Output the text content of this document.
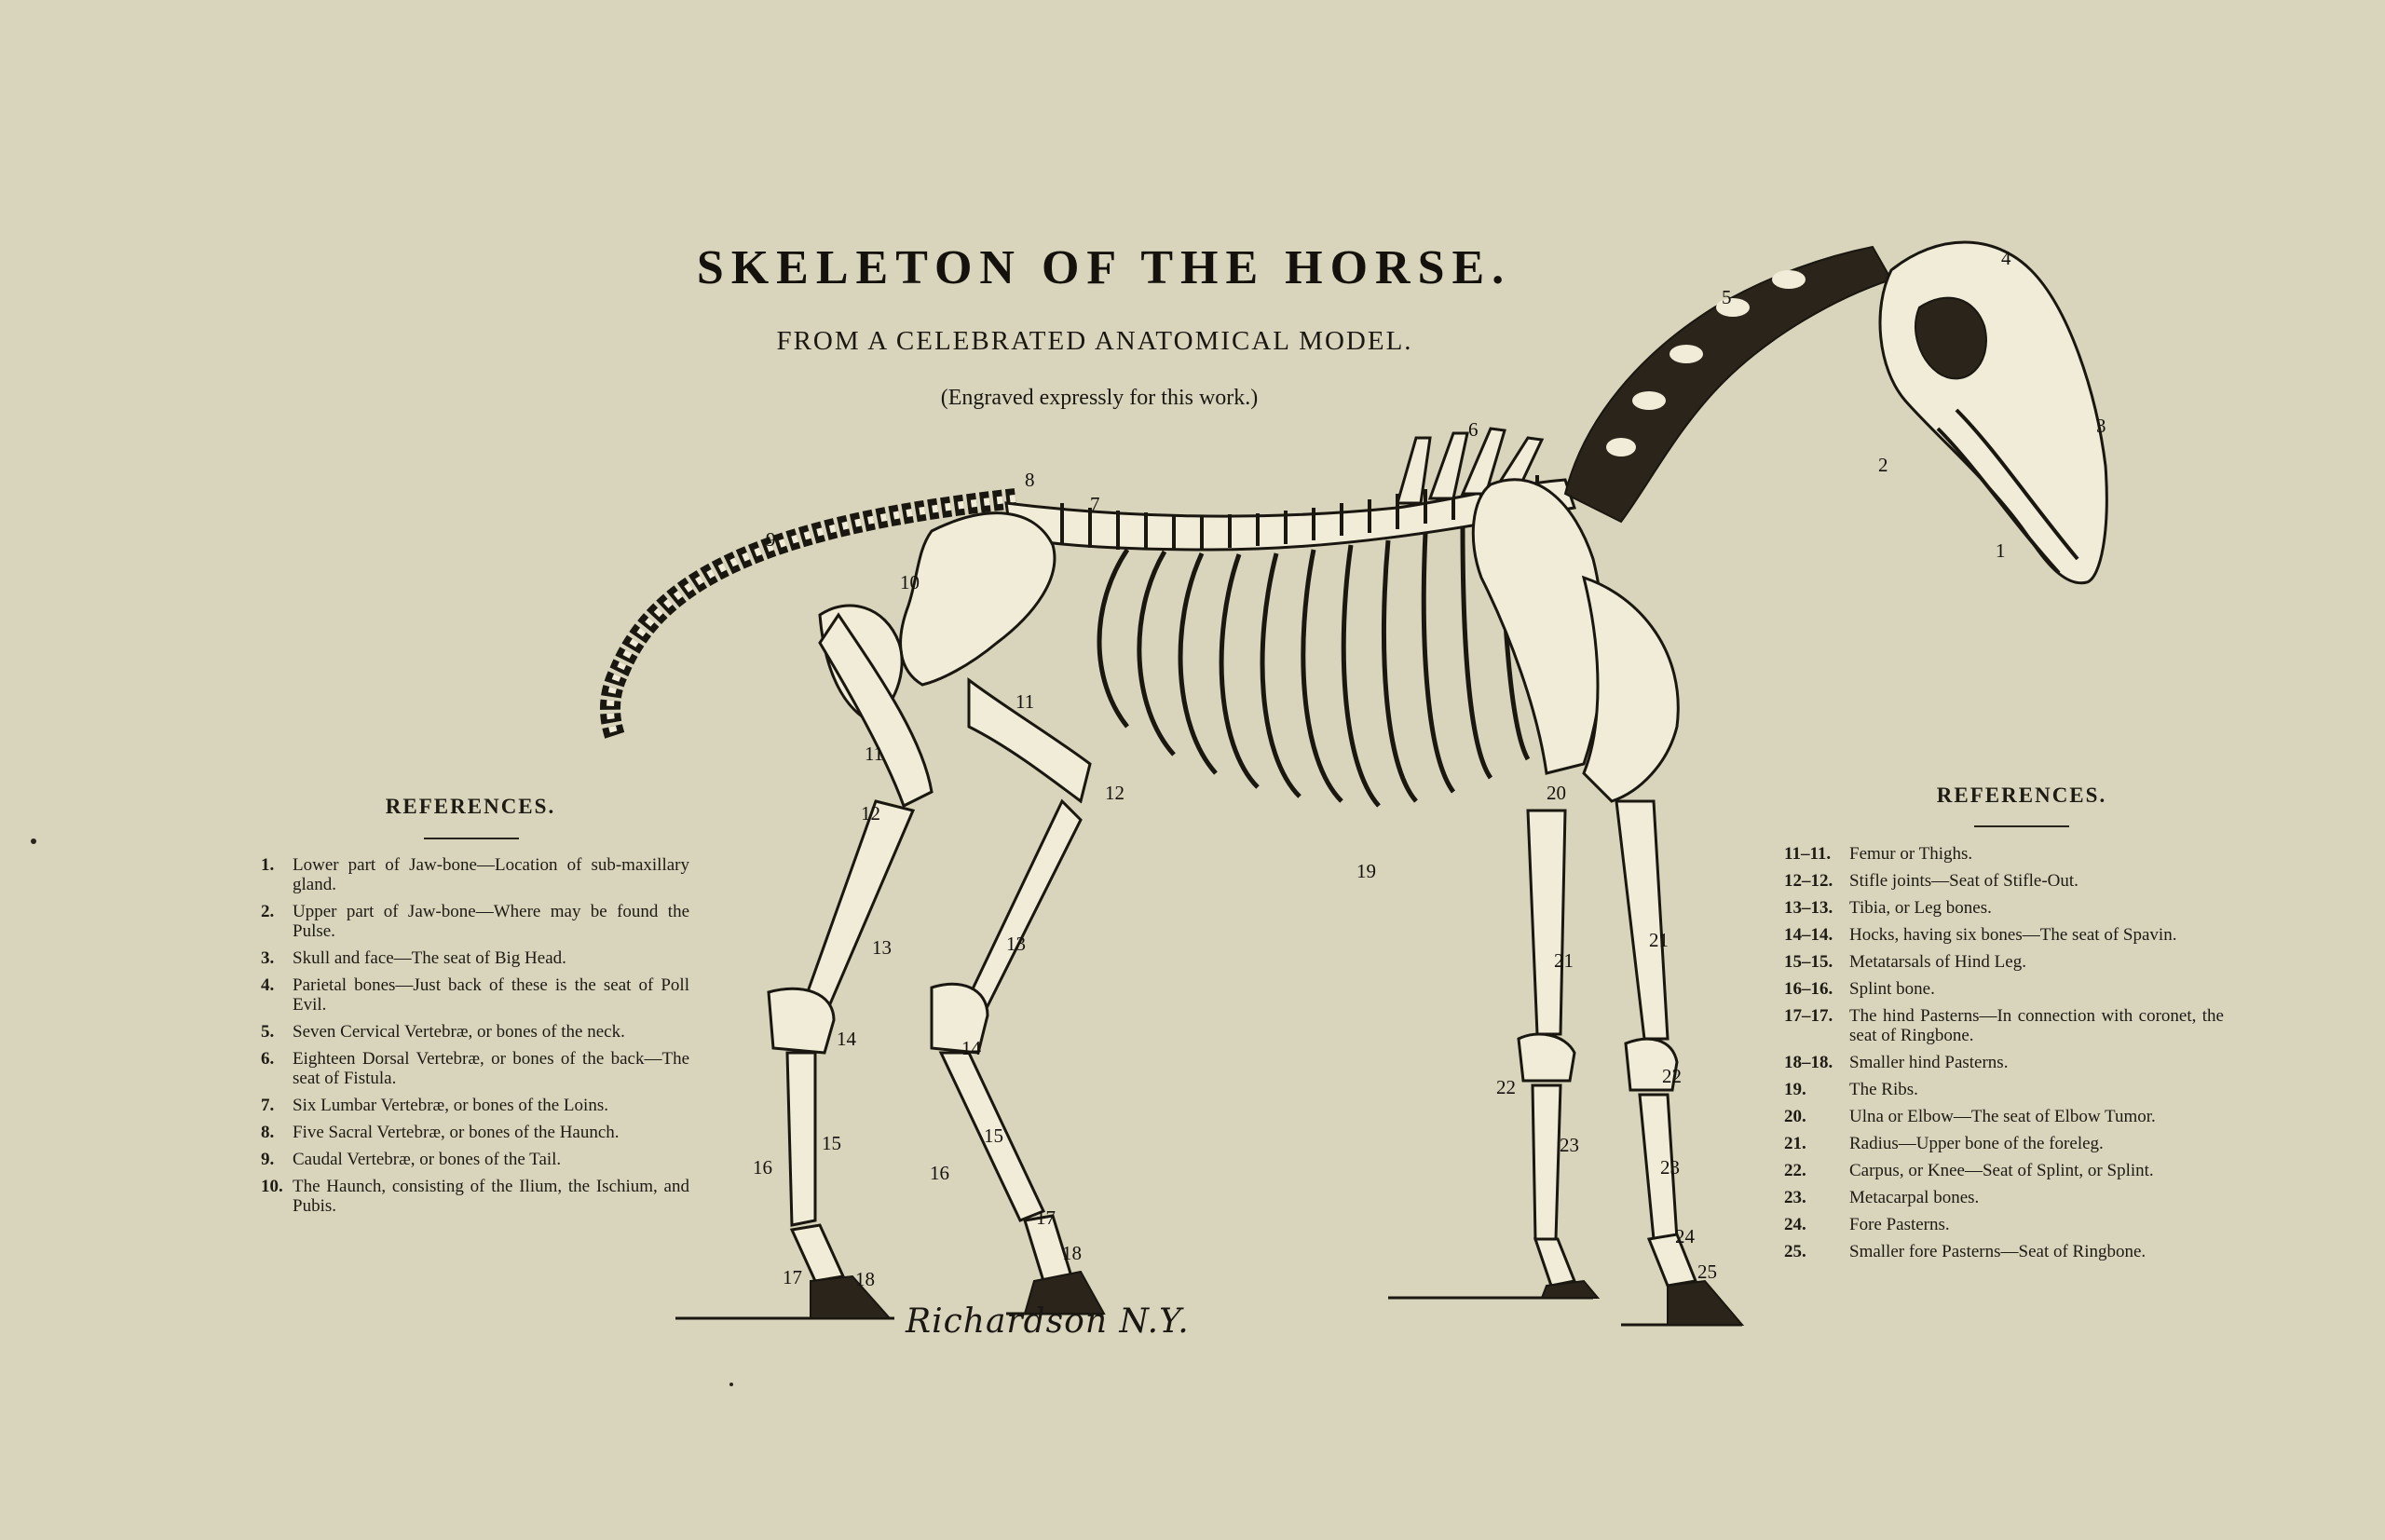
1
2
3
4
5
6
7
8
9
10
11
11
12
12
13	13
14	14
15	15
16	16
17
17
18
18
19
20
21
21
22	22
23
23
24
25
SKELETON OF THE HORSE.
FROM A CELEBRATED ANATOMICAL MODEL.
(Engraved expressly for this work.)
REFERENCES.
1.	Lower part of Jaw-bone—Location of sub-maxillary gland.
2.	Upper part of Jaw-bone—Where may be found the Pulse.
3.	Skull and face—The seat of Big Head.
4.	Parietal bones—Just back of these is the seat of Poll Evil.
5.	Seven Cervical Vertebræ, or bones of the neck.
6.	Eighteen Dorsal Vertebræ, or bones of the back—The seat of Fistula.
7.	Six Lumbar Vertebræ, or bones of the Loins.
8.	Five Sacral Vertebræ, or bones of the Haunch.
9.	Caudal Vertebræ, or bones of the Tail.
10. The Haunch, consisting of the Ilium, the Ischium, and Pubis.
REFERENCES.
11–11.	Femur or Thighs.
12–12. Stifle joints—Seat of Stifle-Out.
13–13. Tibia, or Leg bones.
14–14. Hocks, having six bones—The seat of Spavin.
15–15. Metatarsals of Hind Leg.
16–16. Splint bone.
17–17. The hind Pasterns—In connection with coronet, the seat of Ringbone.
18–18. Smaller hind Pasterns.
19.	The Ribs.
20.	Ulna or Elbow—The seat of Elbow Tumor.
21.	Radius—Upper bone of the foreleg.
22.	Carpus, or Knee—Seat of Splint, or Splint.
23.	Metacarpal bones.
24.	Fore Pasterns.
25.	Smaller fore Pasterns—Seat of Ringbone.
Richardson N.Y.
